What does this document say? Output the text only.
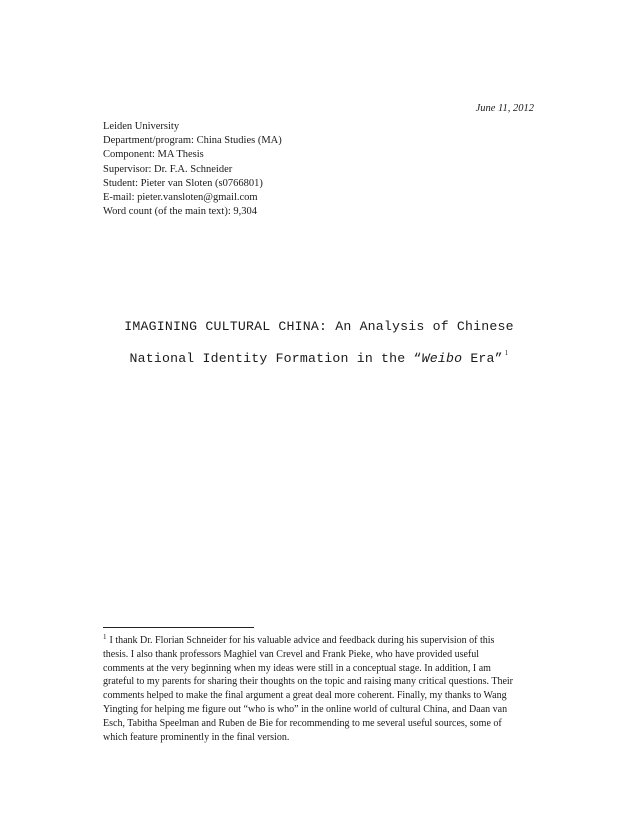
June 11, 2012
Leiden University
Department/program: China Studies (MA)
Component: MA Thesis
Supervisor: Dr. F.A. Schneider
Student: Pieter van Sloten (s0766801)
E-mail: pieter.vansloten@gmail.com
Word count (of the main text): 9,304
IMAGINING CULTURAL CHINA: An Analysis of Chinese
National Identity Formation in the “Weibo Era” $^1$
$^1$ I thank Dr. Florian Schneider for his valuable advice and feedback during his supervision of this
thesis. I also thank professors Maghiel van Crevel and Frank Pieke, who have provided useful
comments at the very beginning when my ideas were still in a conceptual stage. In addition, I am
grateful to my parents for sharing their thoughts on the topic and raising many critical questions. Their
comments helped to make the final argument a great deal more coherent. Finally, my thanks to Wang
Yingting for helping me figure out “who is who” in the online world of cultural China, and Daan van
Esch, Tabitha Speelman and Ruben de Bie for recommending to me several useful sources, some of
which feature prominently in the final version.
